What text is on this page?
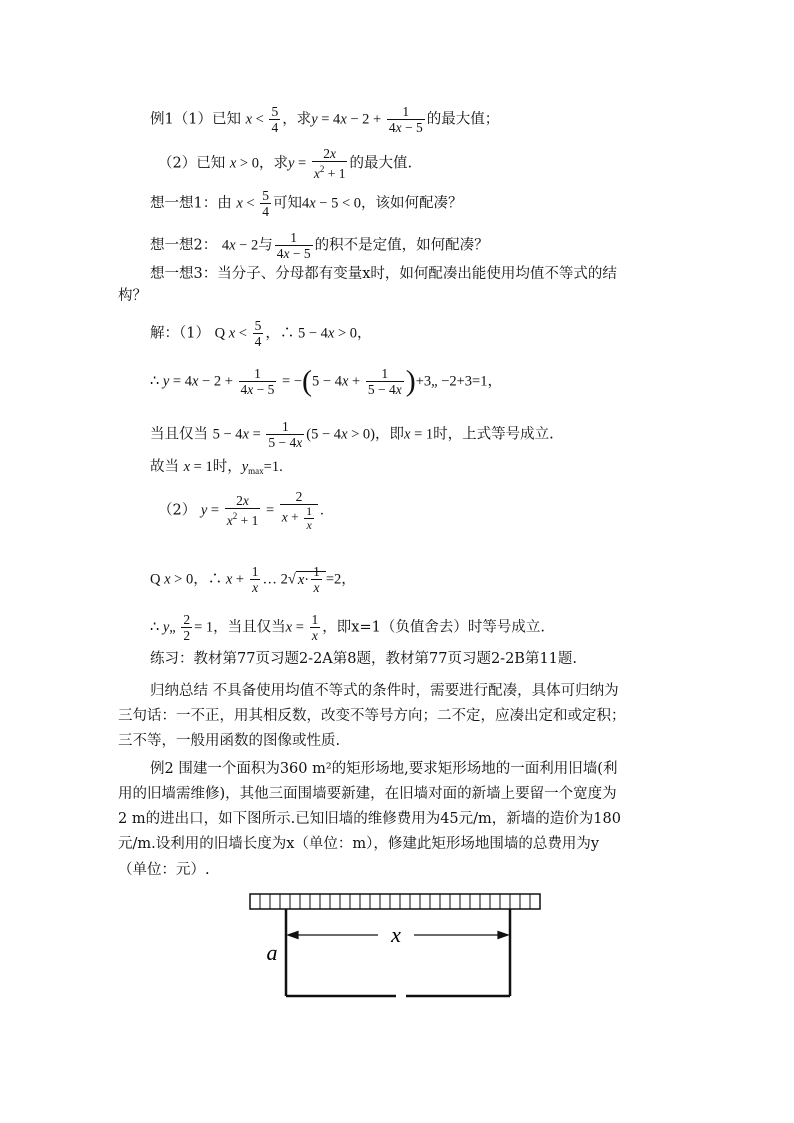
例1（1）已知 $x < \frac{5}{4}$ ，求$y = 4x - 2 + \frac{1}{4x - 5}$ 的最大值；
（2）已知 x > 0，求$y = \frac{2x}{x^2 + 1}$ 的最大值.
想一想1：由 $x < \frac{5}{4}$ 可知4x − 5 < 0，该如何配凑？
想一想2： 4x − 2与 $\frac{1}{4x - 5}$ 的积不是定值，如何配凑？
想一想3：当分子、分母都有变量x时，如何配凑出能使用均值不等式的结
构？
解：（1） Q $x < \frac{5}{4}$ ，∴ 5 − 4x > 0，
∴ $y = 4x - 2 + \frac{1}{4x - 5} = -(5 - 4x + \frac{1}{5 - 4x}$ )+3„ −2+3=1，
当且仅当 $5 - 4x = \frac{1}{5 - 4x} (5 - 4x > 0)$，即x = 1时，上式等号成立.
故当 x = 1时，$y_{max}=1$.
（2） $y = \frac{2x}{x^2 + 1} = \frac{2}{x + \frac{1}{x}}$ .
Q x > 0，∴ $x + \frac{1}{x}$ … 2√ $x\cdot \frac{1}{x} =2$，
∴ y„ $\frac{2}{2} = 1$，当且仅当$x = \frac{1}{x}$ ，即x=1（负值舍去）时等号成立.
练习：教材第77页习题2-2A第8题，教材第77页习题2-2B第11题.
归纳总结 不具备使用均值不等式的条件时，需要进行配凑，具体可归纳为
三句话：一不正，用其相反数，改变不等号方向；二不定，应凑出定和或定积；
三不等，一般用函数的图像或性质.
例2 围建一个面积为360 m²的矩形场地,要求矩形场地的一面利用旧墙(利
用的旧墙需维修)，其他三面围墙要新建，在旧墙对面的新墙上要留一个宽度为
2 m的进出口，如下图所示.已知旧墙的维修费用为45元/m，新墙的造价为180
元/m.设利用的旧墙长度为x（单位：m），修建此矩形场地围墙的总费用为y
（单位：元）.
x
a
